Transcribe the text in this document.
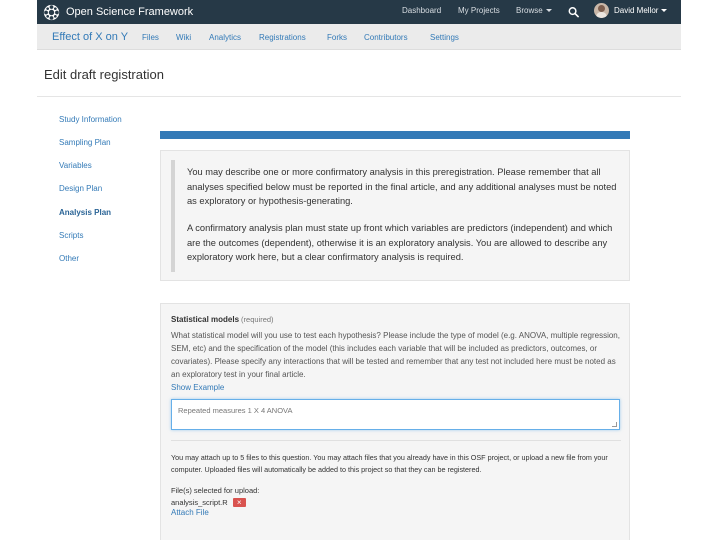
Open Science Framework	Dashboard My Projects Browse	David Mellor
Effect of X on Y Files Wiki Analytics Registrations	Forks Contributors	Settings
Edit draft registration
Study Information
Sampling Plan
Variables
Design Plan
Analysis Plan
Scripts
Other

You may describe one or more confirmatory analysis in this preregistration. Please remember that all analyses specified below must be reported in the final article, and any additional analyses must be noted as exploratory or hypothesis-generating.

A confirmatory analysis plan must state up front which variables are predictors (independent) and which are the outcomes (dependent), otherwise it is an exploratory analysis. You are allowed to describe any exploratory work here, but a clear confirmatory analysis is required.

Statistical models (required)

What statistical model will you use to test each hypothesis? Please include the type of model (e.g. ANOVA, multiple regression, SEM, etc) and the specification of the model (this includes each variable that will be included as predictors, outcomes, or covariates). Please specify any interactions that will be tested and remember that any test not included here must be noted as an exploratory test in your final article.

Show Example
Repeated measures 1 X 4 ANOVA

You may attach up to 5 files to this question. You may attach files that you already have in this OSF project, or upload a new file from your computer. Uploaded files will automatically be added to this project so that they can be registered.

File(s) selected for upload:
analysis_script.R ×
Attach File
